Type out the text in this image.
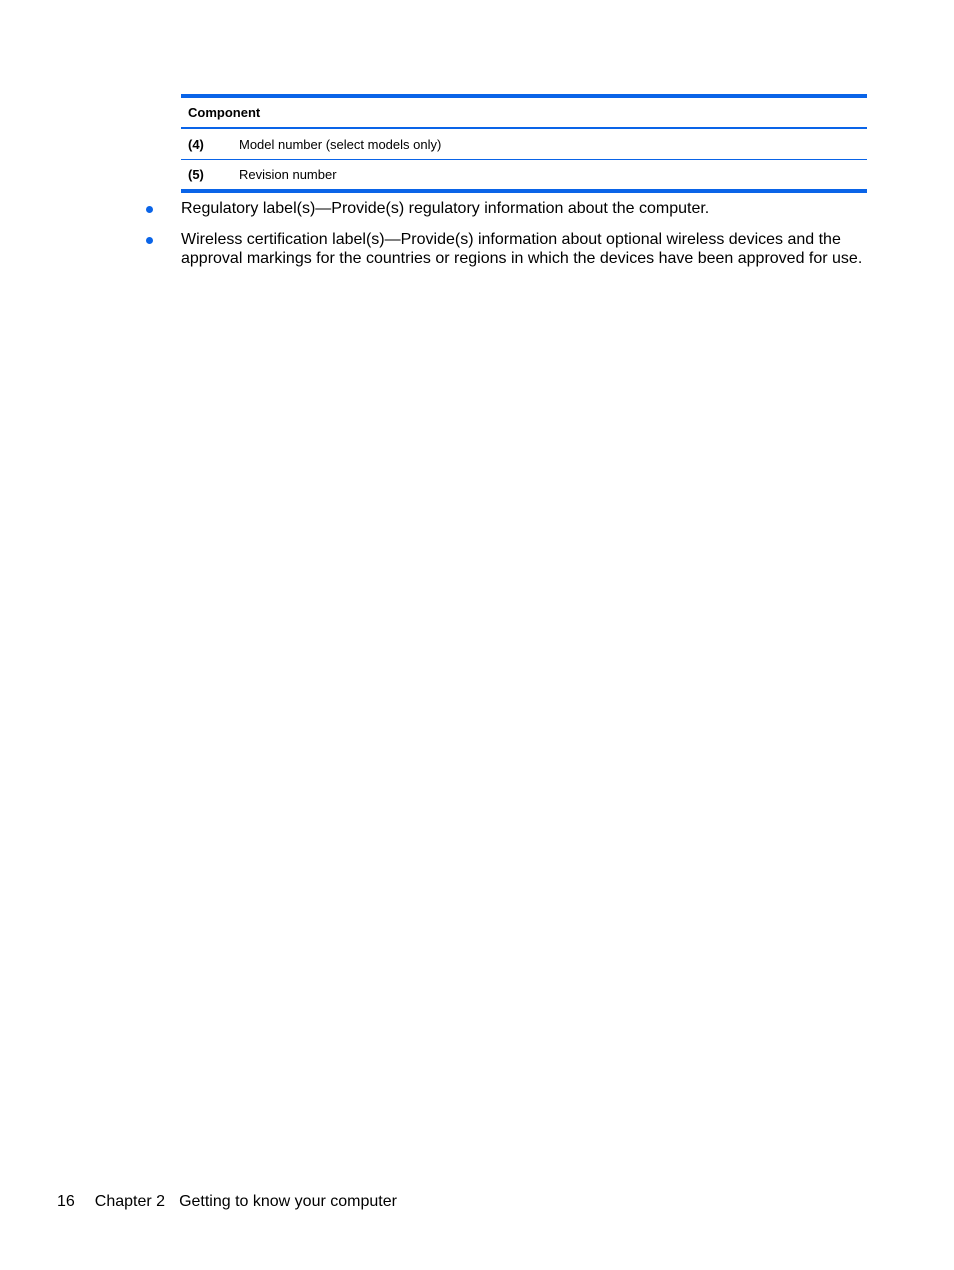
Component
(4)	Model number (select models only)
(5)	Revision number
Regulatory label(s)—Provide(s) regulatory information about the computer.
Wireless certification label(s)—Provide(s) information about optional wireless devices and the approval markings for the countries or regions in which the devices have been approved for use.
16 Chapter 2 Getting to know your computer
